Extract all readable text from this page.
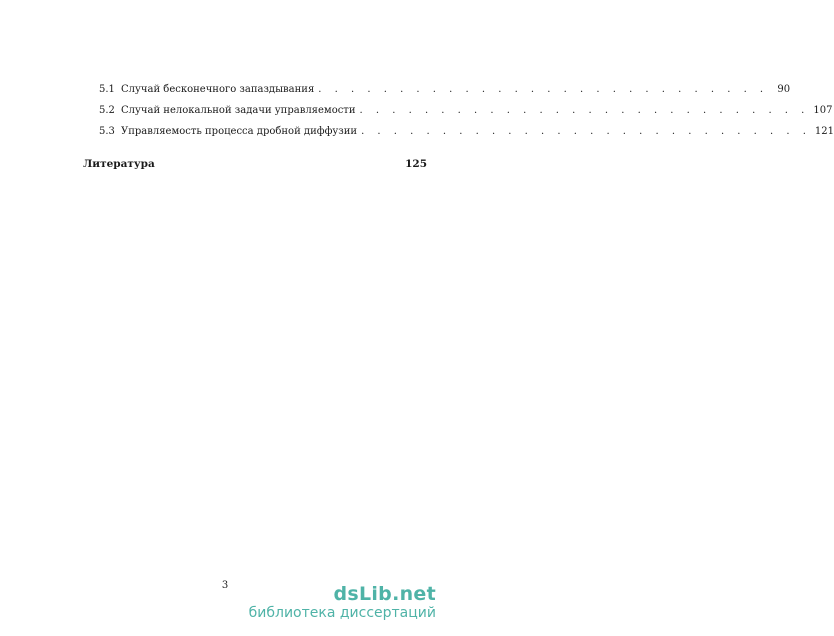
5.1 Случай бесконечного запаздывания . . . . . . . . . . . . . . . . . . . . . . . . . . . . 90
5.2 Случай нелокальной задачи управляемости . . . . . . . . . . . . . . . . . . . . . . . . . . . . 107
5.3 Управляемость процесса дробной диффузии . . . . . . . . . . . . . . . . . . . . . . . . . . . . 121
Литература	125
3	dsLib.net
библиотека диссертаций
